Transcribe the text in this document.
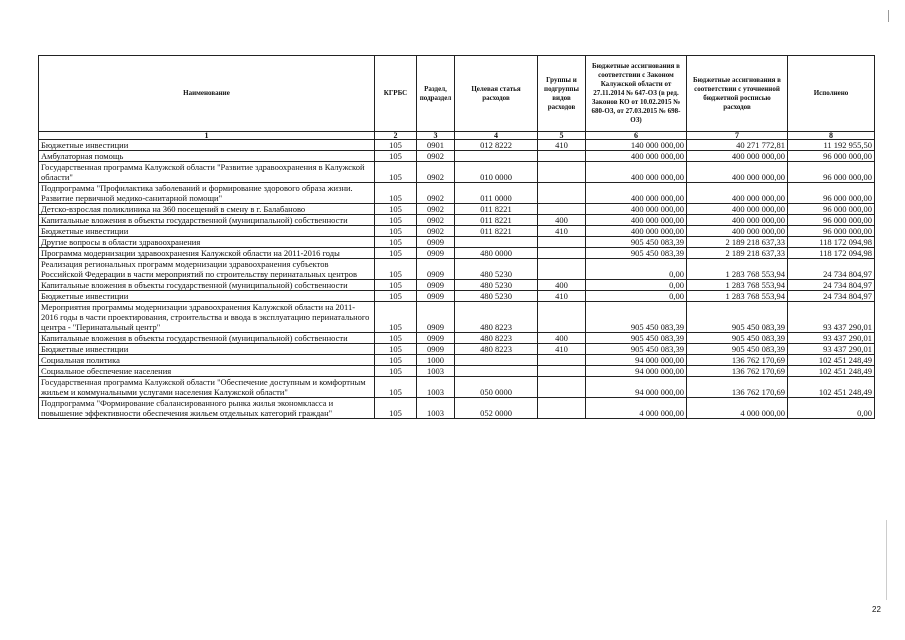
Наименование	КГРБС	Раздел, подраздел	Целевая статья расходов	Группы и подгруппы видов расходов	Бюджетные ассигнования в соответствии с Законом Калужской области от 27.11.2014 № 647-ОЗ (в ред. Законов КО от 10.02.2015 № 680-ОЗ, от 27.03.2015 № 698-ОЗ)	Бюджетные ассигнования в соответствии с уточненной бюджетной росписью расходов	Исполнено
1	2	3	4	5	6	7	8
Бюджетные инвестиции	105	0901	012 8222	410	140 000 000,00	40 271 772,81	11 192 955,50
Амбулаторная помощь	105	0902			400 000 000,00	400 000 000,00	96 000 000,00
Государственная программа Калужской области "Развитие здравоохранения в Калужской области"	105	0902	010 0000		400 000 000,00	400 000 000,00	96 000 000,00
Подпрограмма "Профилактика заболеваний и формирование здорового образа жизни. Развитие первичной медико-санитарной помощи"	105	0902	011 0000		400 000 000,00	400 000 000,00	96 000 000,00
Детско-взрослая поликлиника на 360 посещений в смену в г. Балабаново	105	0902	011 8221		400 000 000,00	400 000 000,00	96 000 000,00
Капитальные вложения в объекты государственной (муниципальной) собственности	105	0902	011 8221	400	400 000 000,00	400 000 000,00	96 000 000,00
Бюджетные инвестиции	105	0902	011 8221	410	400 000 000,00	400 000 000,00	96 000 000,00
Другие вопросы в области здравоохранения	105	0909			905 450 083,39	2 189 218 637,33	118 172 094,98
Программа модернизации здравоохранения Калужской области на 2011-2016 годы	105	0909	480 0000		905 450 083,39	2 189 218 637,33	118 172 094,98
Реализация региональных программ модернизации здравоохранения субъектов Российской Федерации в части мероприятий по строительству перинатальных центров	105	0909	480 5230		0,00	1 283 768 553,94	24 734 804,97
Капитальные вложения в объекты государственной (муниципальной) собственности	105	0909	480 5230	400	0,00	1 283 768 553,94	24 734 804,97
Бюджетные инвестиции	105	0909	480 5230	410	0,00	1 283 768 553,94	24 734 804,97
Мероприятия программы модернизации здравоохранения Калужской области на 2011-2016 годы в части проектирования, строительства и ввода в эксплуатацию перинатального центра - "Перинатальный центр"	105	0909	480 8223		905 450 083,39	905 450 083,39	93 437 290,01
Капитальные вложения в объекты государственной (муниципальной) собственности	105	0909	480 8223	400	905 450 083,39	905 450 083,39	93 437 290,01
Бюджетные инвестиции	105	0909	480 8223	410	905 450 083,39	905 450 083,39	93 437 290,01
Социальная политика	105	1000			94 000 000,00	136 762 170,69	102 451 248,49
Социальное обеспечение населения	105	1003			94 000 000,00	136 762 170,69	102 451 248,49
Государственная программа Калужской области "Обеспечение доступным и комфортным жильем и коммунальными услугами населения Калужской области"	105	1003	050 0000		94 000 000,00	136 762 170,69	102 451 248,49
Подпрограмма "Формирование сбалансированного рынка жилья экономкласса и повышение эффективности обеспечения жильем отдельных категорий граждан"	105	1003	052 0000		4 000 000,00	4 000 000,00	0,00
22
